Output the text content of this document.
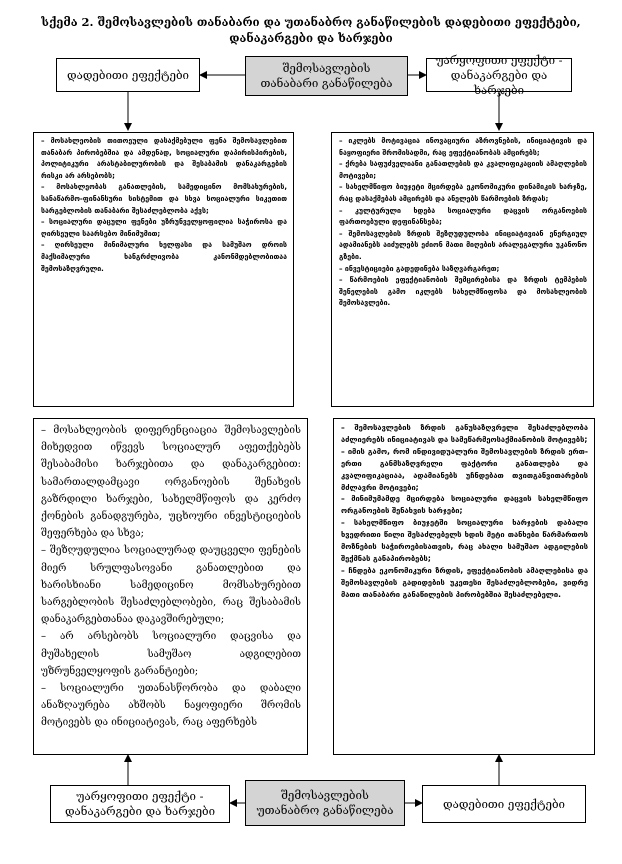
სქემა 2. შემოსავლების თანაბარი და უთანაბრო განაწილების დადებითი ეფექტები,
დანაკარგები და ხარჯები
დადებითი ეფექტები	შემოსავლების
თანაბარი განაწილება
უარყოფითი ეფექტი -
დანაკარგები და ხარჯები

– მოსახლეობის თითოეული დასაქმებული ფენა შემოსავლებით თანაბარ პირობებშია და ამდენად, სოციალური დაპირისპირების, პოლიტიკური არასტაბილურობის და შესაბამის დანაკარგების რისკი არ არსებობს;

– მოსახლეობას განათლების, სამედიცინო მომსახურების, სანაწარმო-ფინანსური სისტემით და სხვა სოციალური სიკეთით სარგებლობის თანაბარი შესაძლებლობა აქვს;

– სოციალური დაცული ფენები უზრუნველყოფილია საჭიროსა და ღირსეული საარსებო მინიმუმით;

– ღირსეული მინიმალური ხელფასი და სამუშაო დროის მაქსიმალური ხანგრძლივობა კანონმდებლობითაა შემოსაზღვრული.

– იკლებს მოტივაცია ინოვაციური აზროვნების, ინიციატივის და ნაყოფიერი შრომისადმი, რაც ეფექტიანობას ამცირებს;

– ქრება საფუძველიანი განათლების და კვალიფიკაციის ამაღლების მოტივები;

– სახელმწიფო ბიუჯეტი მცირდება ეკონომიკური დინამიკის ხარჯზე, რაც დასაქმებას ამცირებს და ანელებს წარმოების ზრდას;

– კულტურული ხდება სოციალური დაცვის ორგანოების ფართოებული დეფინანსება;

– შემოსავლების ზრდის შეზღუდულობა ინიციატივიან ენერგიულ ადამიანებს აიძულებს ეძიონ მათი მიღების არალეგალური უკანონო გზები.

– ინვესტიციები გადედინება საზღვარგარეთ;

– წარმოების ეფექტიანობის შემცირებისა და ზრდის ტემპების შენელების გამო იკლებს სახელმწიფოსა და მოსახლეობის შემოსავლები.

– მოსახლეობის დიფერენციაცია შემოსავლების მიხედვით იწვევს სოციალურ აფეთქებებს შესაბამისი ხარჯებითა და დანაკარგებით: სამართალდამცავი ორგანოების შენახვის გაზრდილი ხარჯები, სახელმწიფოს და კერძო ქონების განადგურება, უცხოური ინვესტიციების შეფერხება და სხვა;

– შეზღუდულია სოციალურად დაუცველი ფენების მიერ სრულფასოვანი განათლებით და ხარისხიანი სამედიცინო მომსახურებით სარგებლობის შესაძლებლობები, რაც შესაბამის დანაკარგებთანაა დაკავშირებული;

– არ არსებობს სოციალური დაცვისა და მუშახელის სამუშაო ადგილებით უზრუნველყოფის გარანტიები;

– სოციალური უთანასწორობა და დაბალი ანაზღაურება ახშობს ნაყოფიერი შრომის მოტივებს და ინიციატივას, რაც აფერხებს

– შემოსავლების ზრდის განუსაზღვრელი შესაძლებლობა აძლიერებს ინიციატივას და სამეწარმეოსაქმიანობის მოტივებს;

– იმის გამო, რომ ინდივიდუალური შემოსავლების ზრდის ერთ-ერთი განმსაზღვრელი ფაქტორი განათლება და კვალიფიკაციაა, ადამიანებს უჩნდებათ თვითგანვითარების მძლავრი მოტივები;

– მინიმუმამდე მცირდება სოციალური დაცვის სახელმწიფო ორგანოების შენახვის ხარჯები;

– სახელმწიფო ბიუჯეტში სოციალური ხარჯების დაბალი ხვედრითი წილი შესაძლებელს ხდის მეტი თანხები წარმართოს მოზნების საჭიროებისათვის, რაც ახალი სამუშაო ადგილების შექმნას განაპირობებს;

– ჩნდება ეკონომიკური ზრდის, ეფექტიანობის ამაღლებისა და შემოსავლების გადიდების უკეთესი შესაძლებლობები, ვიდრე მათი თანაბარი განაწილების პირობებშია შესაძლებელი.

უარყოფითი ეფექტი -
დანაკარგები და ხარჯები
შემოსავლების
უთანაბრო განაწილება	დადებითი ეფექტები
